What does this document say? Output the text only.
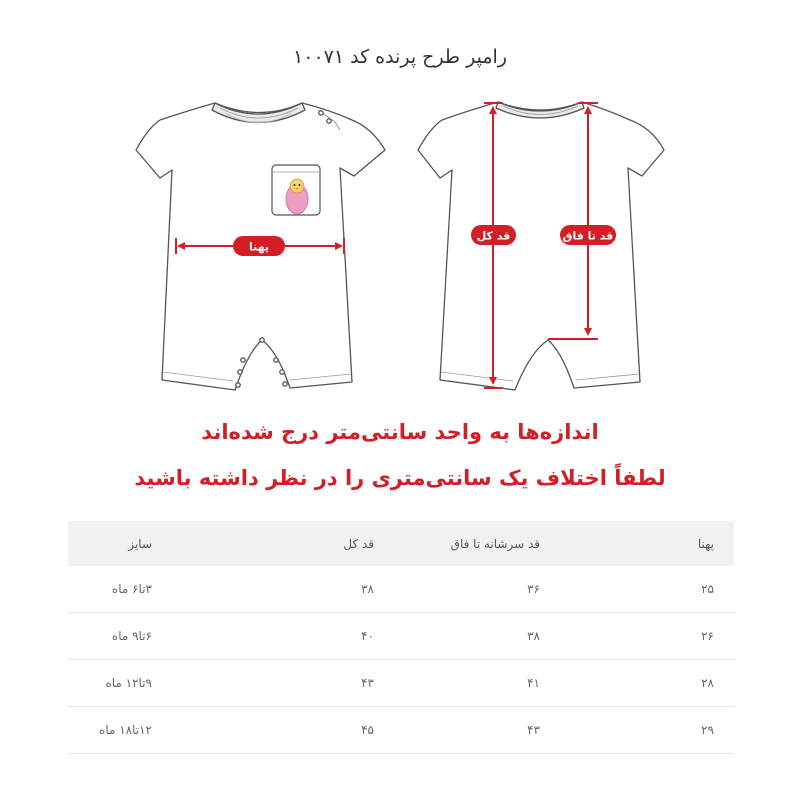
رامپر طرح پرنده کد ۱۰۰۷۱
پهنا
قد کل	قد تا فاق
اندازه‌ها به واحد سانتی‌متر درج شده‌اند
لطفاً اختلاف یک سانتی‌متری را در نظر داشته باشید
پهنا
قد سرشانه تا فاق
قد کل
سایز
۲۵
۳۶
۳۸
۳تا۶ ماه
۲۶
۳۸
۴۰
۶تا۹ ماه
۲۸
۴۱
۴۳
۹تا۱۲ ماه
۲۹
۴۳
۴۵
۱۲تا۱۸ ماه
